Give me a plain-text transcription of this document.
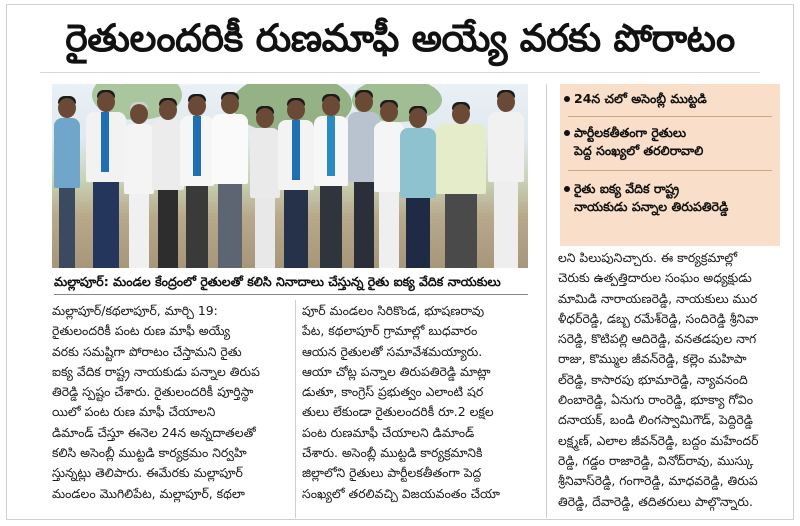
రైతులందరికీ రుణమాఫీ అయ్యే వరకు పోరాటం
మల్లాపూర్‌: మండల కేంద్రంలో రైతులతో కలిసి నినాదాలు చేస్తున్న రైతు ఐక్య వేదిక నాయకులు
24న చలో అసెంబ్లీ ముట్టడి
పార్టీలకతీతంగా రైతులు
పెద్ద సంఖ్యలో తరలిరావాలి
రైతు ఐక్య వేదిక రాష్ట్ర
నాయకుడు పన్నాల తిరుపతిరెడ్డి
మల్లాపూర్‌/కథలాపూర్‌, మార్చి 19:
రైతులందరికీ పంట రుణ మాఫీ అయ్యే
వరకు సమష్టిగా పోరాటం చేస్తామని రైతు
ఐక్య వేదిక రాష్ట్ర నాయకుడు పన్నాల తిరుప
తిరెడ్డి స్పష్టం చేశారు. రైతులందరికీ పూర్తిస్థా
యిలో పంట రుణ మాఫీ చేయాలని
డిమాండ్‌ చేస్తూ ఈనెల 24న అన్నదాతలతో
కలిసి అసెంబ్లీ ముట్టడి కార్యక్రమం నిర్వహి
స్తున్నట్లు తెలిపారు. ఈమేరకు మల్లాపూర్‌
మండలం మొగిలిపేట, మల్లాపూర్‌, కథలా
పూర్‌ మండలం సిరికొండ, భూషణరావు
పేట, కథలాపూర్‌ గ్రామాల్లో బుధవారం
ఆయన రైతులతో సమావేశమయ్యారు.
ఆయా చోట్ల పన్నాల తిరుపతిరెడ్డి మాట్లా
డుతూ, కాంగ్రెస్‌ ప్రభుత్వం ఎలాంటి షర
తులు లేకుండా రైతులందరికీ రూ.2 లక్షల
పంట రుణమాఫీ చేయాలని డిమాండ్‌
చేశారు. అసెంబ్లీ ముట్టడి కార్యక్రమానికి
జిల్లాలోని రైతులు పార్టీలకతీతంగా పెద్ద
సంఖ్యలో తరలివచ్చి విజయవంతం చేయా
లని పిలుపునిచ్చారు. ఈ కార్యక్రమాల్లో
చెరుకు ఉత్పత్తిదారుల సంఘం అధ్యక్షుడు
మామిడి నారాయణరెడ్డి, నాయకులు ముర
ళీధర్‌రెడ్డి, డబ్బ రమేశ్‌రెడ్డి, సందిరెడ్డి శ్రీనివా
సరెడ్డి, కొటిపల్లి ఆదిరెడ్డి, వనతడపుల నాగ
రాజు, కొమ్ముల జీవన్‌రెడ్డి, కల్లెం మహిపా
ల్‌రెడ్డి, కాసారపు భూమారెడ్డి, న్యావనంది
లింబారెడ్డి, ఏనుగు రాంరెడ్డి, భూక్యా గోవిం
దనాయక్‌, బండి లింగస్వామిగౌడ్‌, పెద్దిరెడ్డి
లక్ష్మణ్‌, ఎలాల జీవన్‌రెడ్డి, బద్దం మహేందర్‌
రెడ్డి, గడ్డం రాజారెడ్డి, వినోద్‌రావు, ముస్కు
శ్రీనివాస్‌రెడ్డి, గంగారెడ్డి, మాధవరెడ్డి, తిరుప
తిరెడ్డి, దేవారెడ్డి, తదితరులు పాల్గొన్నారు.
